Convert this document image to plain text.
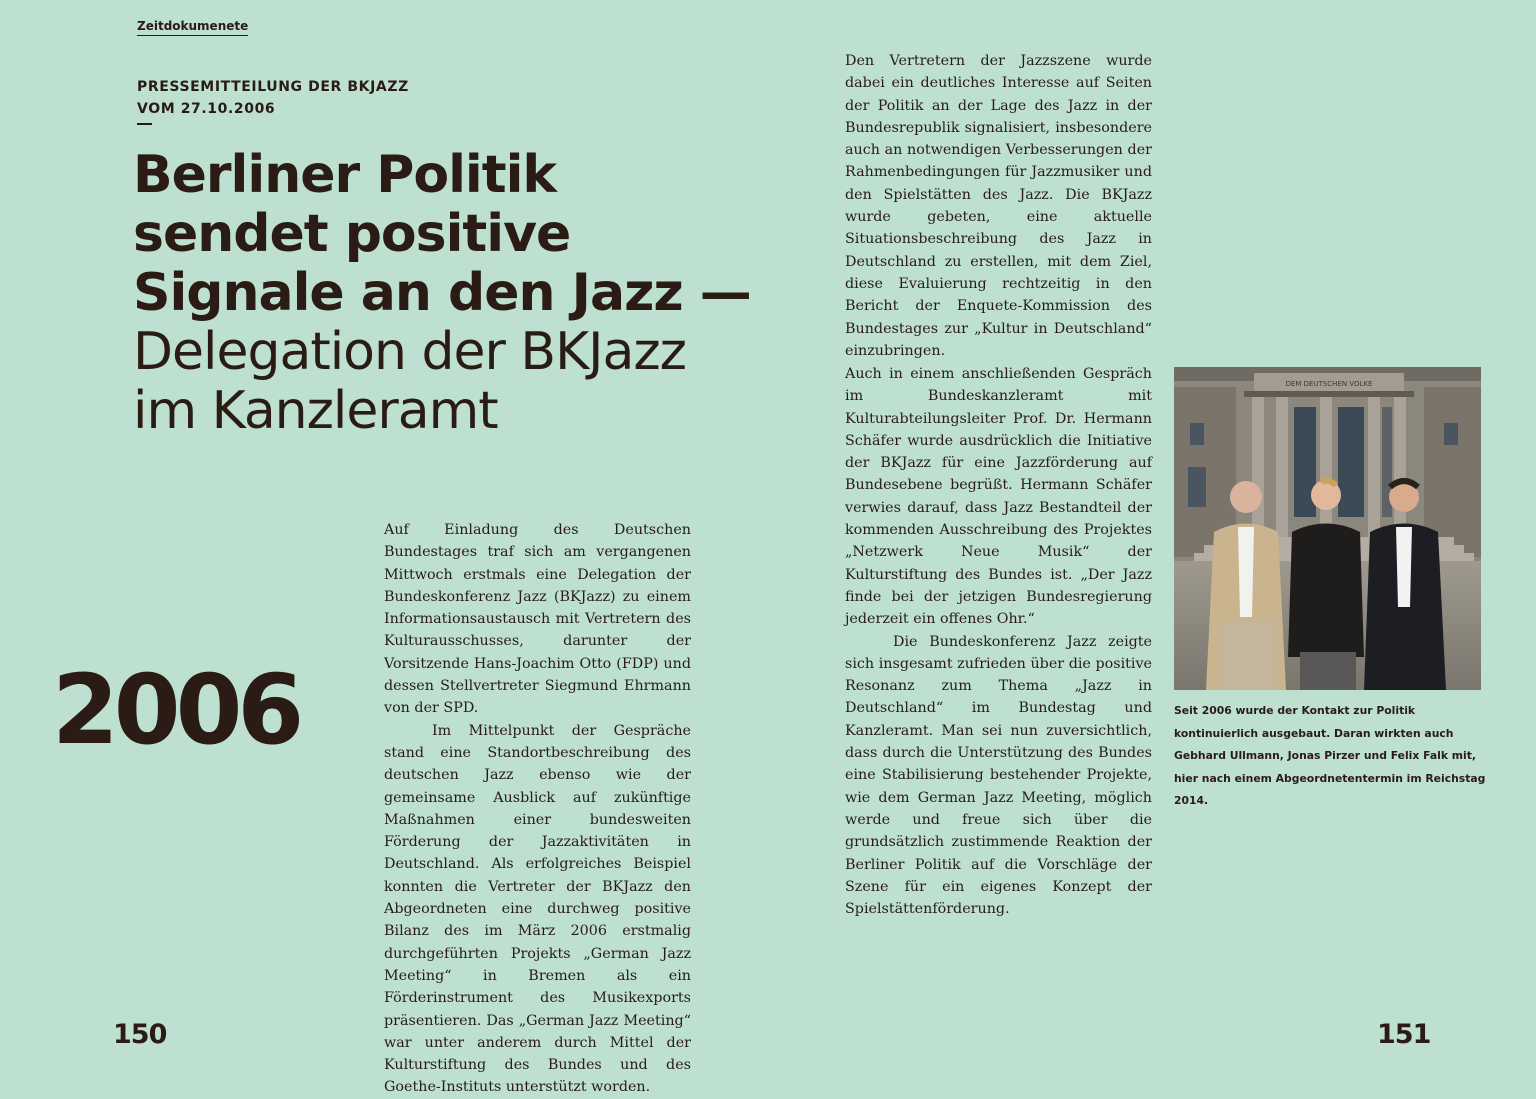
Zeitdokumenete
PRESSEMITTEILUNG DER BKJAZZ
VOM 27.10.2006
Berliner Politik sendet positive Signale an den Jazz — Delegation der BKJazz im Kanzleramt
2006

Auf Einladung des Deutschen Bundestages traf sich am vergangenen Mittwoch erstmals eine Delegation der Bundeskonferenz Jazz (BKJazz) zu einem Informationsaustausch mit Vertretern des Kulturausschusses, darunter der Vorsitzende Hans-Joachim Otto (FDP) und dessen Stellvertreter Siegmund Ehrmann von der SPD.

Im Mittelpunkt der Gespräche stand eine Standortbeschreibung des deutschen Jazz ebenso wie der gemeinsame Ausblick auf zukünftige Maßnahmen einer bundesweiten Förderung der Jazzaktivitäten in Deutschland. Als erfolgreiches Beispiel konnten die Vertreter der BKJazz den Abgeordneten eine durchweg positive Bilanz des im März 2006 erstmalig durchgeführten Projekts „German Jazz Meeting“ in Bremen als ein Förderinstrument des Musikexports präsentieren. Das „German Jazz Meeting“ war unter anderem durch Mittel der Kulturstiftung des Bundes und des Goethe-Instituts unterstützt worden.

Den Vertretern der Jazzszene wurde dabei ein deutliches Interesse auf Seiten der Politik an der Lage des Jazz in der Bundesrepublik signalisiert, insbesondere auch an notwendigen Verbesserungen der Rahmenbedingungen für Jazzmusiker und den Spielstätten des Jazz. Die BKJazz wurde gebeten, eine aktuelle Situationsbeschreibung des Jazz in Deutschland zu erstellen, mit dem Ziel, diese Evaluierung rechtzeitig in den Bericht der Enquete-Kommission des Bundestages zur „Kultur in Deutschland“ einzubringen.

Auch in einem anschließenden Gespräch im Bundeskanzleramt mit Kulturabteilungsleiter Prof. Dr. Hermann Schäfer wurde ausdrücklich die Initiative der BKJazz für eine Jazzförderung auf Bundesebene begrüßt. Hermann Schäfer verwies darauf, dass Jazz Bestandteil der kommenden Ausschreibung des Projektes „Netzwerk Neue Musik“ der Kulturstiftung des Bundes ist. „Der Jazz finde bei der jetzigen Bundesregierung jederzeit ein offenes Ohr.“

Die Bundeskonferenz Jazz zeigte sich insgesamt zufrieden über die positive Resonanz zum Thema „Jazz in Deutschland“ im Bundestag und Kanzleramt. Man sei nun zuversichtlich, dass durch die Unterstützung des Bundes eine Stabilisierung bestehender Projekte, wie dem German Jazz Meeting, möglich werde und freue sich über die grundsätzlich zustimmende Reaktion der Berliner Politik auf die Vorschläge der Szene für ein eigenes Konzept der Spielstättenförderung.

DEM DEUTSCHEN VOLKE
Seit 2006 wurde der Kontakt zur Politik kontinuierlich ausgebaut. Daran wirkten auch Gebhard Ullmann, Jonas Pirzer und Felix Falk mit, hier nach einem Abgeordnetentermin im Reichstag 2014.
150	151
